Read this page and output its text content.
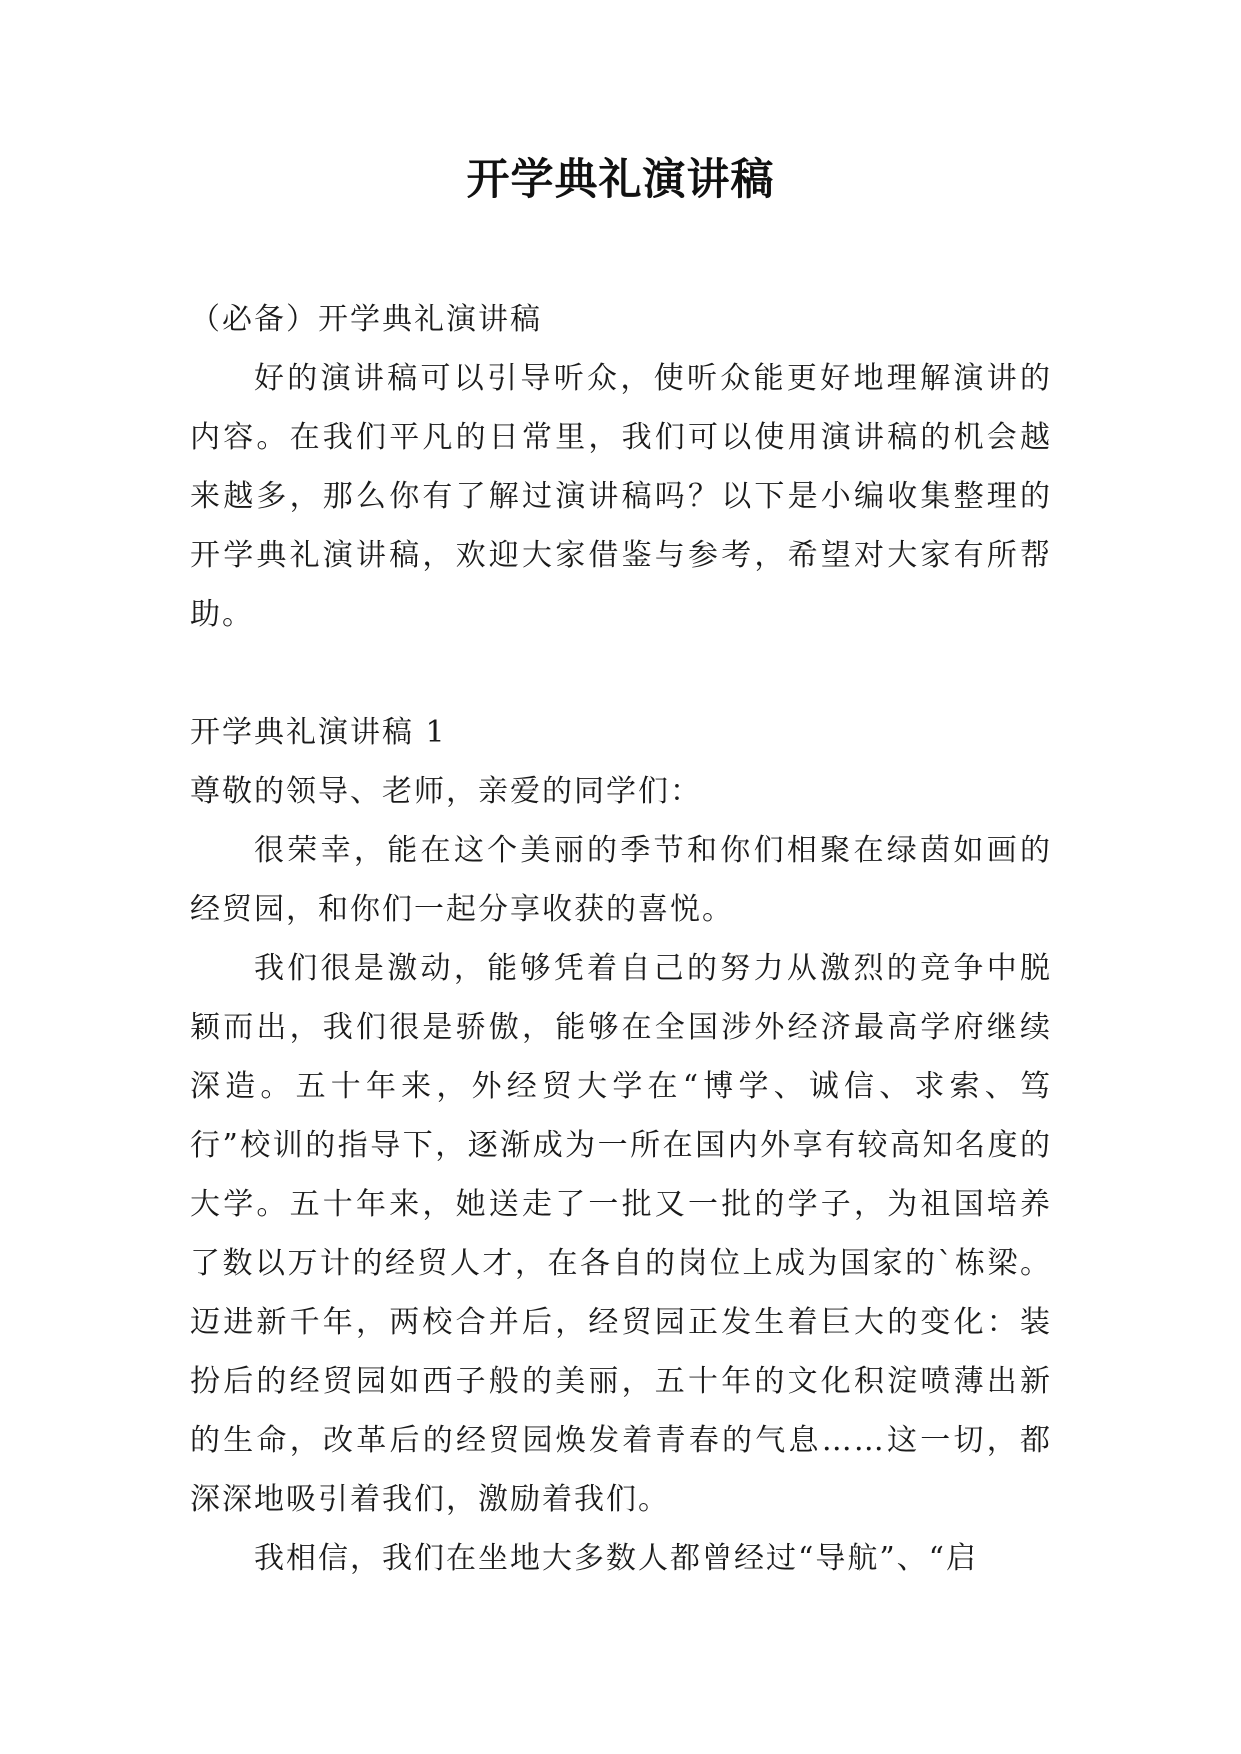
开学典礼演讲稿

（必备）开学典礼演讲稿

好的演讲稿可以引导听众，使听众能更好地理解演讲的内容。在我们平凡的日常里，我们可以使用演讲稿的机会越来越多，那么你有了解过演讲稿吗？以下是小编收集整理的开学典礼演讲稿，欢迎大家借鉴与参考，希望对大家有所帮助。

开学典礼演讲稿 1

尊敬的领导、老师，亲爱的同学们：

很荣幸，能在这个美丽的季节和你们相聚在绿茵如画的经贸园，和你们一起分享收获的喜悦。

我们很是激动，能够凭着自己的努力从激烈的竞争中脱颖而出，我们很是骄傲，能够在全国涉外经济最高学府继续深造。五十年来，外经贸大学在“博学、诚信、求索、笃行”校训的指导下，逐渐成为一所在国内外享有较高知名度的大学。五十年来，她送走了一批又一批的学子，为祖国培养了数以万计的经贸人才，在各自的岗位上成为国家的`栋梁。迈进新千年，两校合并后，经贸园正发生着巨大的变化：装扮后的经贸园如西子般的美丽，五十年的文化积淀喷薄出新的生命，改革后的经贸园焕发着青春的气息……这一切，都深深地吸引着我们，激励着我们。

我相信，我们在坐地大多数人都曾经过“导航”、“启
